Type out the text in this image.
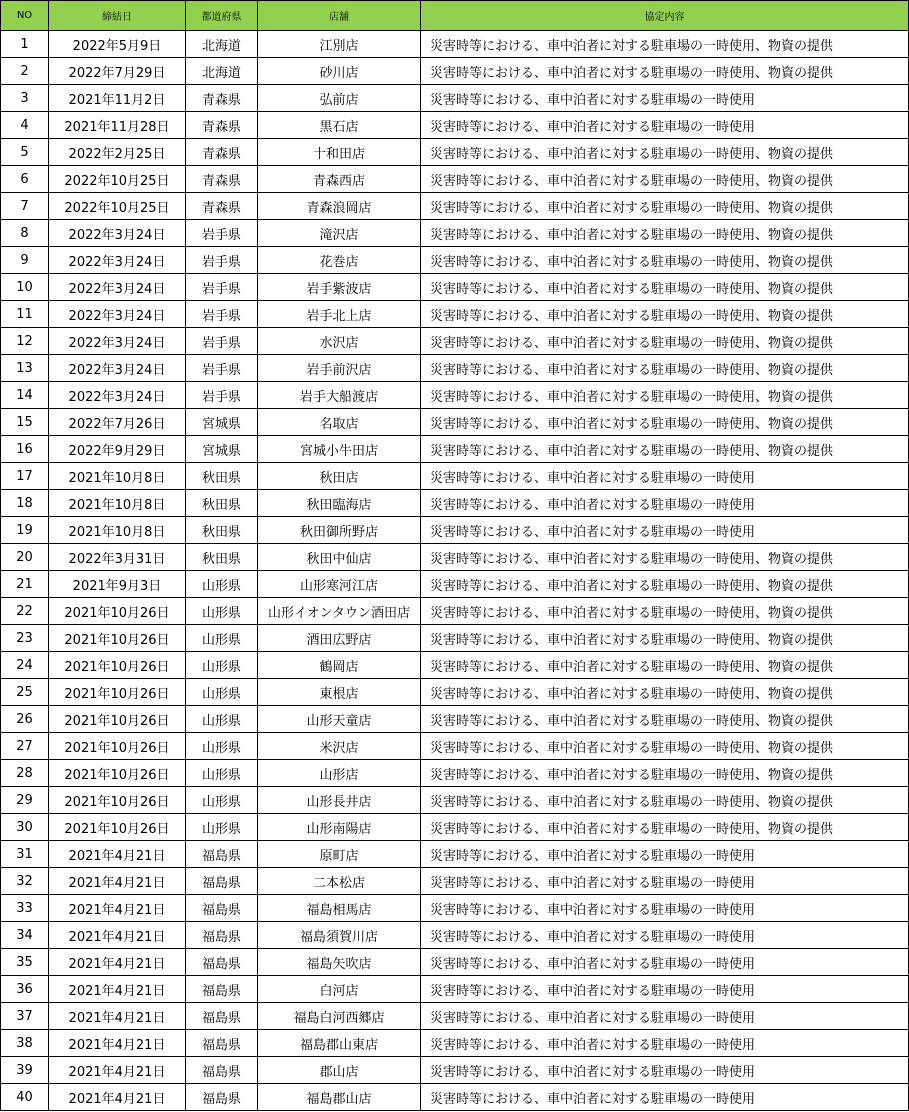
NO	締結日	都道府県	店舗	協定内容
1	2022年5月9日	北海道	江別店	災害時等における、車中泊者に対する駐車場の一時使用、物資の提供
2	2022年7月29日	北海道	砂川店	災害時等における、車中泊者に対する駐車場の一時使用、物資の提供
3	2021年11月2日	青森県	弘前店	災害時等における、車中泊者に対する駐車場の一時使用
4	2021年11月28日	青森県	黒石店	災害時等における、車中泊者に対する駐車場の一時使用
5	2022年2月25日	青森県	十和田店	災害時等における、車中泊者に対する駐車場の一時使用、物資の提供
6	2022年10月25日	青森県	青森西店	災害時等における、車中泊者に対する駐車場の一時使用、物資の提供
7	2022年10月25日	青森県	青森浪岡店	災害時等における、車中泊者に対する駐車場の一時使用、物資の提供
8	2022年3月24日	岩手県	滝沢店	災害時等における、車中泊者に対する駐車場の一時使用、物資の提供
9	2022年3月24日	岩手県	花巻店	災害時等における、車中泊者に対する駐車場の一時使用、物資の提供
10	2022年3月24日	岩手県	岩手紫波店	災害時等における、車中泊者に対する駐車場の一時使用、物資の提供
11	2022年3月24日	岩手県	岩手北上店	災害時等における、車中泊者に対する駐車場の一時使用、物資の提供
12	2022年3月24日	岩手県	水沢店	災害時等における、車中泊者に対する駐車場の一時使用、物資の提供
13	2022年3月24日	岩手県	岩手前沢店	災害時等における、車中泊者に対する駐車場の一時使用、物資の提供
14	2022年3月24日	岩手県	岩手大船渡店	災害時等における、車中泊者に対する駐車場の一時使用、物資の提供
15	2022年7月26日	宮城県	名取店	災害時等における、車中泊者に対する駐車場の一時使用、物資の提供
16	2022年9月29日	宮城県	宮城小牛田店	災害時等における、車中泊者に対する駐車場の一時使用、物資の提供
17	2021年10月8日	秋田県	秋田店	災害時等における、車中泊者に対する駐車場の一時使用
18	2021年10月8日	秋田県	秋田臨海店	災害時等における、車中泊者に対する駐車場の一時使用
19	2021年10月8日	秋田県	秋田御所野店	災害時等における、車中泊者に対する駐車場の一時使用
20	2022年3月31日	秋田県	秋田中仙店	災害時等における、車中泊者に対する駐車場の一時使用、物資の提供
21	2021年9月3日	山形県	山形寒河江店	災害時等における、車中泊者に対する駐車場の一時使用、物資の提供
22	2021年10月26日	山形県	山形イオンタウン酒田店	災害時等における、車中泊者に対する駐車場の一時使用、物資の提供
23	2021年10月26日	山形県	酒田広野店	災害時等における、車中泊者に対する駐車場の一時使用、物資の提供
24	2021年10月26日	山形県	鶴岡店	災害時等における、車中泊者に対する駐車場の一時使用、物資の提供
25	2021年10月26日	山形県	東根店	災害時等における、車中泊者に対する駐車場の一時使用、物資の提供
26	2021年10月26日	山形県	山形天童店	災害時等における、車中泊者に対する駐車場の一時使用、物資の提供
27	2021年10月26日	山形県	米沢店	災害時等における、車中泊者に対する駐車場の一時使用、物資の提供
28	2021年10月26日	山形県	山形店	災害時等における、車中泊者に対する駐車場の一時使用、物資の提供
29	2021年10月26日	山形県	山形長井店	災害時等における、車中泊者に対する駐車場の一時使用、物資の提供
30	2021年10月26日	山形県	山形南陽店	災害時等における、車中泊者に対する駐車場の一時使用、物資の提供
31	2021年4月21日	福島県	原町店	災害時等における、車中泊者に対する駐車場の一時使用
32	2021年4月21日	福島県	二本松店	災害時等における、車中泊者に対する駐車場の一時使用
33	2021年4月21日	福島県	福島相馬店	災害時等における、車中泊者に対する駐車場の一時使用
34	2021年4月21日	福島県	福島須賀川店	災害時等における、車中泊者に対する駐車場の一時使用
35	2021年4月21日	福島県	福島矢吹店	災害時等における、車中泊者に対する駐車場の一時使用
36	2021年4月21日	福島県	白河店	災害時等における、車中泊者に対する駐車場の一時使用
37	2021年4月21日	福島県	福島白河西郷店	災害時等における、車中泊者に対する駐車場の一時使用
38	2021年4月21日	福島県	福島郡山東店	災害時等における、車中泊者に対する駐車場の一時使用
39	2021年4月21日	福島県	郡山店	災害時等における、車中泊者に対する駐車場の一時使用
40	2021年4月21日	福島県	福島郡山店	災害時等における、車中泊者に対する駐車場の一時使用
